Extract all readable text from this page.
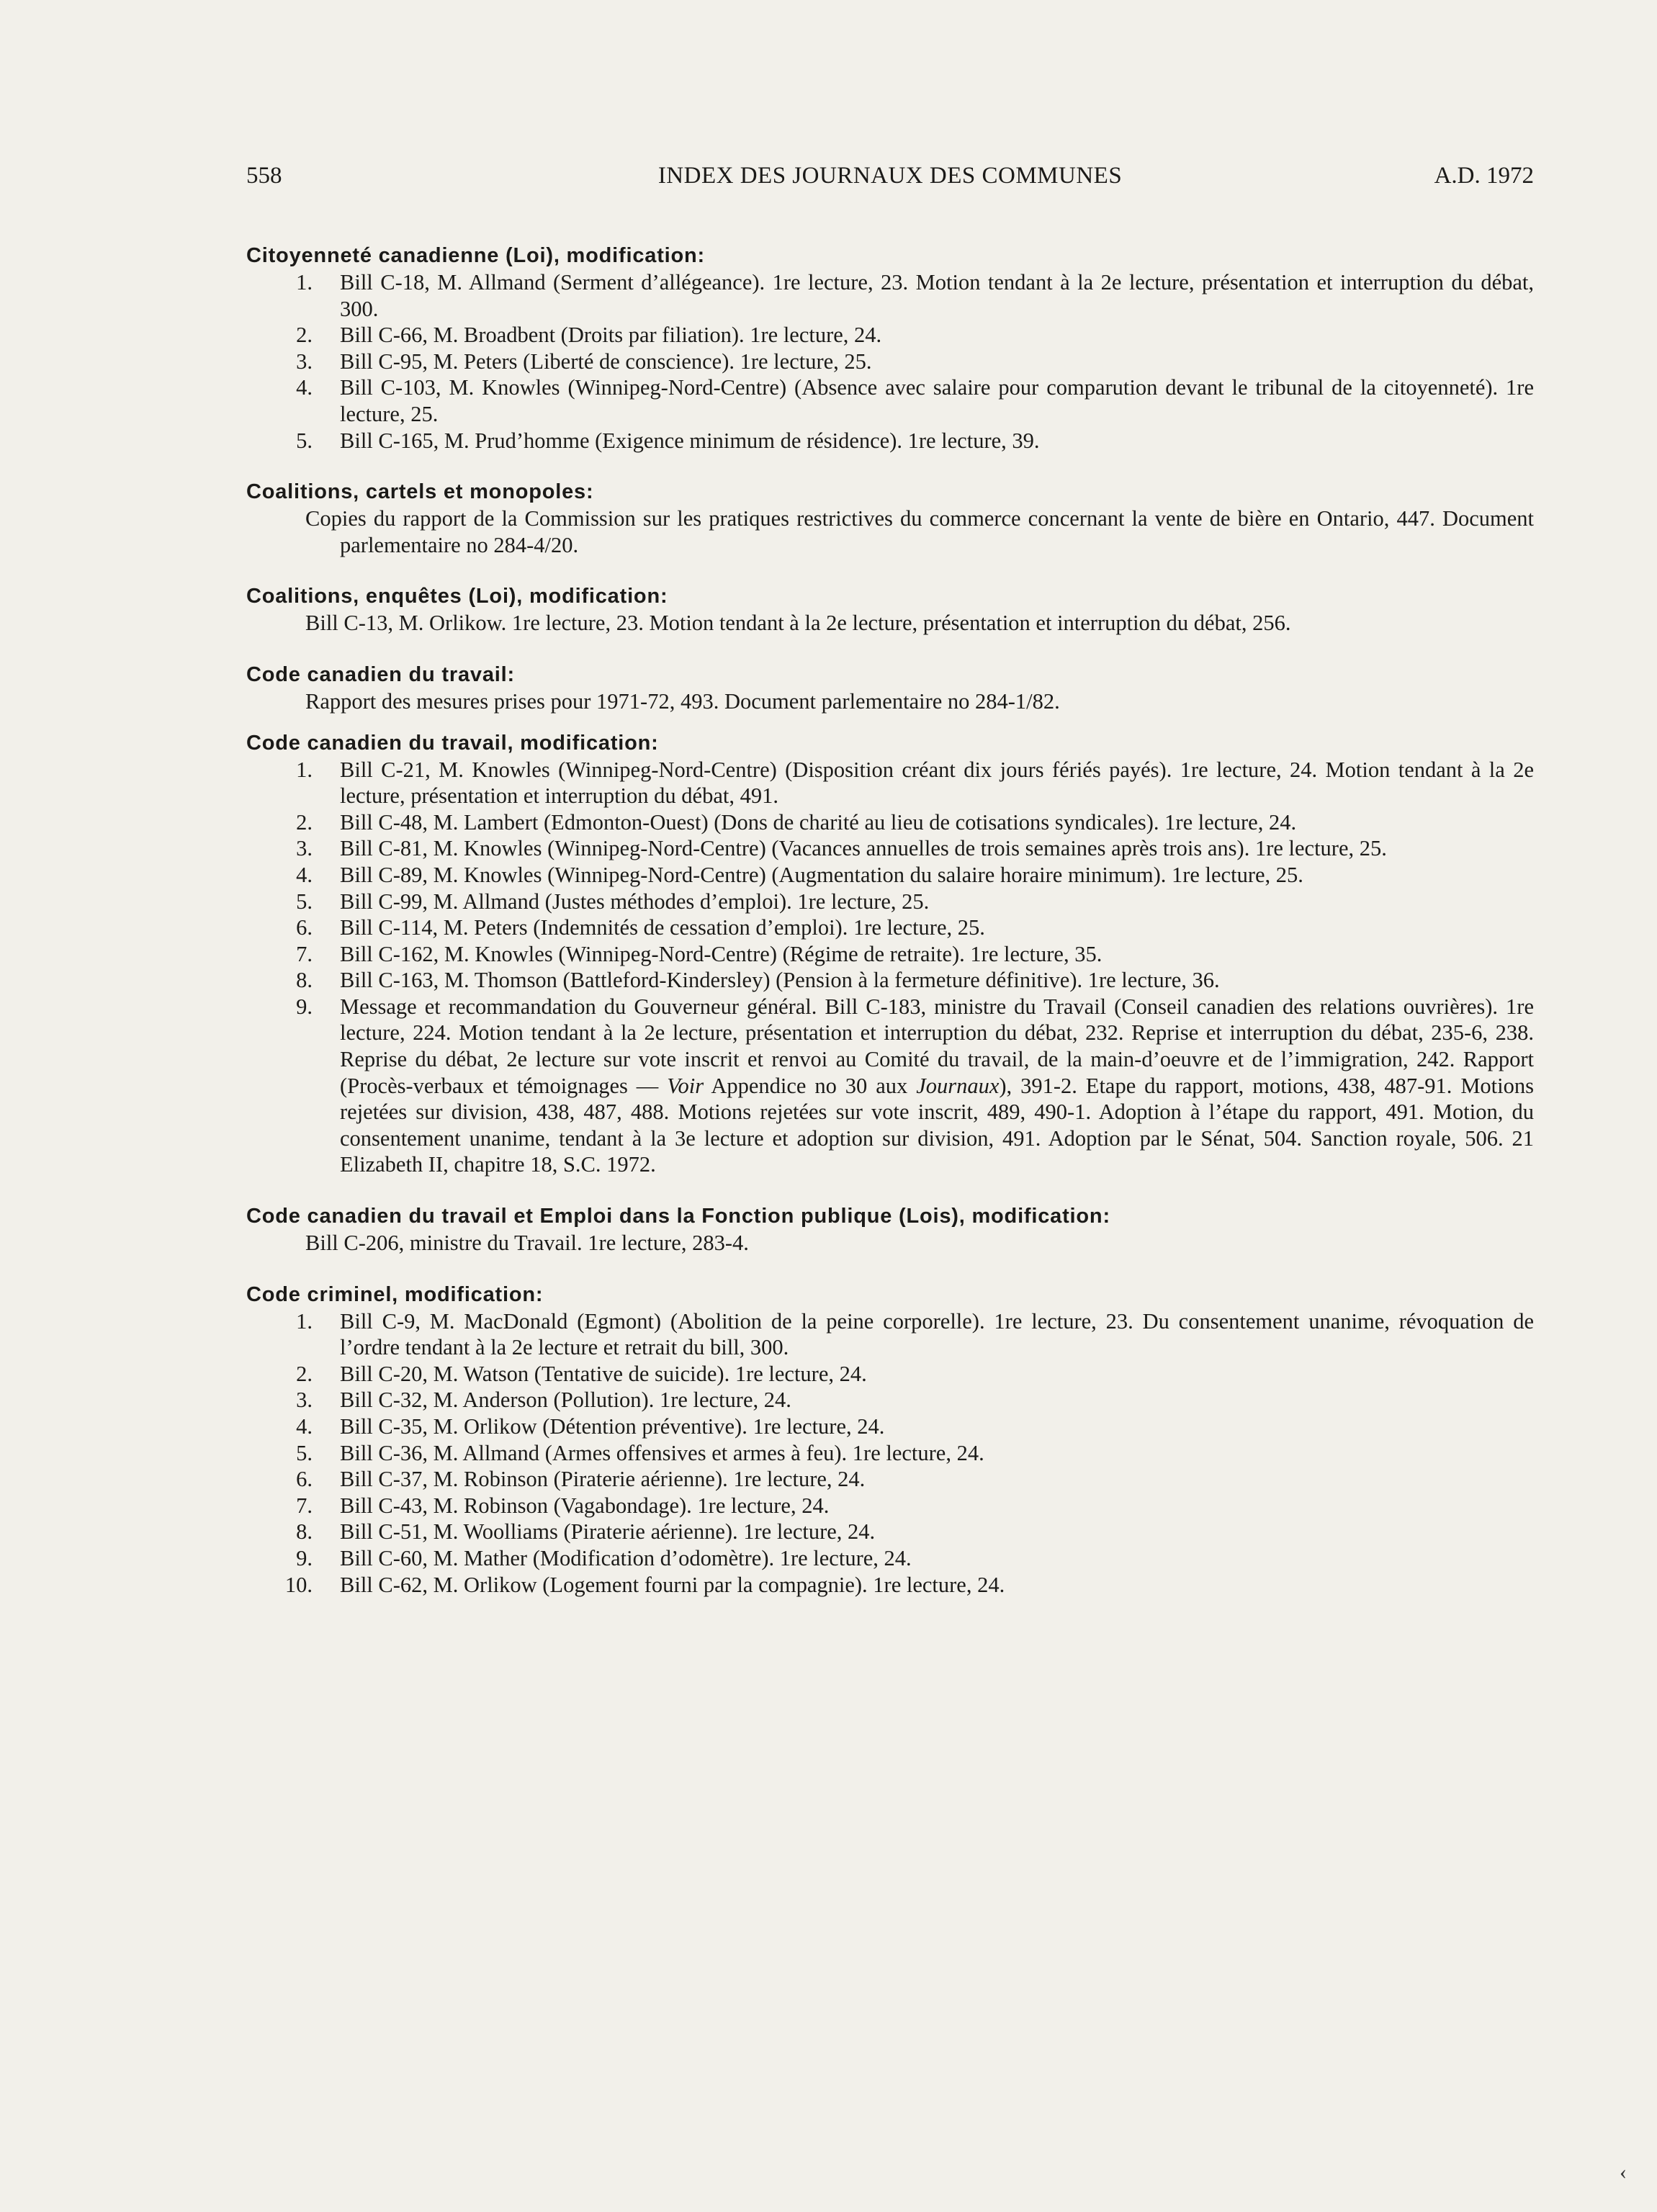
558	INDEX DES JOURNAUX DES COMMUNES	A.D. 1972
Citoyenneté canadienne (Loi), modification:
1. Bill C-18, M. Allmand (Serment d’allégeance). 1re lecture, 23. Motion tendant à la 2e lecture, présentation et interruption du débat, 300.
2. Bill C-66, M. Broadbent (Droits par filiation). 1re lecture, 24.
3. Bill C-95, M. Peters (Liberté de conscience). 1re lecture, 25.
4. Bill C-103, M. Knowles (Winnipeg-Nord-Centre) (Absence avec salaire pour comparution devant le tribunal de la citoyenneté). 1re lecture, 25.
5. Bill C-165, M. Prud’homme (Exigence minimum de résidence). 1re lecture, 39.
Coalitions, cartels et monopoles:
Copies du rapport de la Commission sur les pratiques restrictives du commerce concernant la vente de bière en Ontario, 447. Document parlementaire no 284-4/20.
Coalitions, enquêtes (Loi), modification:
Bill C-13, M. Orlikow. 1re lecture, 23. Motion tendant à la 2e lecture, présentation et interruption du débat, 256.
Code canadien du travail:
Rapport des mesures prises pour 1971-72, 493. Document parlementaire no 284-1/82.
Code canadien du travail, modification:
1. Bill C-21, M. Knowles (Winnipeg-Nord-Centre) (Disposition créant dix jours fériés payés). 1re lecture, 24. Motion tendant à la 2e lecture, présentation et interruption du débat, 491.
2. Bill C-48, M. Lambert (Edmonton-Ouest) (Dons de charité au lieu de cotisations syndicales). 1re lecture, 24.
3. Bill C-81, M. Knowles (Winnipeg-Nord-Centre) (Vacances annuelles de trois semaines après trois ans). 1re lecture, 25.
4. Bill C-89, M. Knowles (Winnipeg-Nord-Centre) (Augmentation du salaire horaire minimum). 1re lecture, 25.
5. Bill C-99, M. Allmand (Justes méthodes d’emploi). 1re lecture, 25.
6. Bill C-114, M. Peters (Indemnités de cessation d’emploi). 1re lecture, 25.
7. Bill C-162, M. Knowles (Winnipeg-Nord-Centre) (Régime de retraite). 1re lecture, 35.
8. Bill C-163, M. Thomson (Battleford-Kindersley) (Pension à la fermeture définitive). 1re lecture, 36.
9. Message et recommandation du Gouverneur général. Bill C-183, ministre du Travail (Conseil canadien des relations ouvrières). 1re lecture, 224. Motion tendant à la 2e lecture, présentation et interruption du débat, 232. Reprise et interruption du débat, 235-6, 238. Reprise du débat, 2e lecture sur vote inscrit et renvoi au Comité du travail, de la main-d’oeuvre et de l’immigration, 242. Rapport (Procès-verbaux et témoignages — Voir Appendice no 30 aux Journaux), 391-2. Etape du rapport, motions, 438, 487-91. Motions rejetées sur division, 438, 487, 488. Motions rejetées sur vote inscrit, 489, 490-1. Adoption à l’étape du rapport, 491. Motion, du consentement unanime, tendant à la 3e lecture et adoption sur division, 491. Adoption par le Sénat, 504. Sanction royale, 506. 21 Elizabeth II, chapitre 18, S.C. 1972.
Code canadien du travail et Emploi dans la Fonction publique (Lois), modification:
Bill C-206, ministre du Travail. 1re lecture, 283-4.
Code criminel, modification:
1. Bill C-9, M. MacDonald (Egmont) (Abolition de la peine corporelle). 1re lecture, 23. Du consentement unanime, révoquation de l’ordre tendant à la 2e lecture et retrait du bill, 300.
2. Bill C-20, M. Watson (Tentative de suicide). 1re lecture, 24.
3. Bill C-32, M. Anderson (Pollution). 1re lecture, 24.
4. Bill C-35, M. Orlikow (Détention préventive). 1re lecture, 24.
5. Bill C-36, M. Allmand (Armes offensives et armes à feu). 1re lecture, 24.
6. Bill C-37, M. Robinson (Piraterie aérienne). 1re lecture, 24.
7. Bill C-43, M. Robinson (Vagabondage). 1re lecture, 24.
8. Bill C-51, M. Woolliams (Piraterie aérienne). 1re lecture, 24.
9. Bill C-60, M. Mather (Modification d’odomètre). 1re lecture, 24.
10. Bill C-62, M. Orlikow (Logement fourni par la compagnie). 1re lecture, 24.
‹
